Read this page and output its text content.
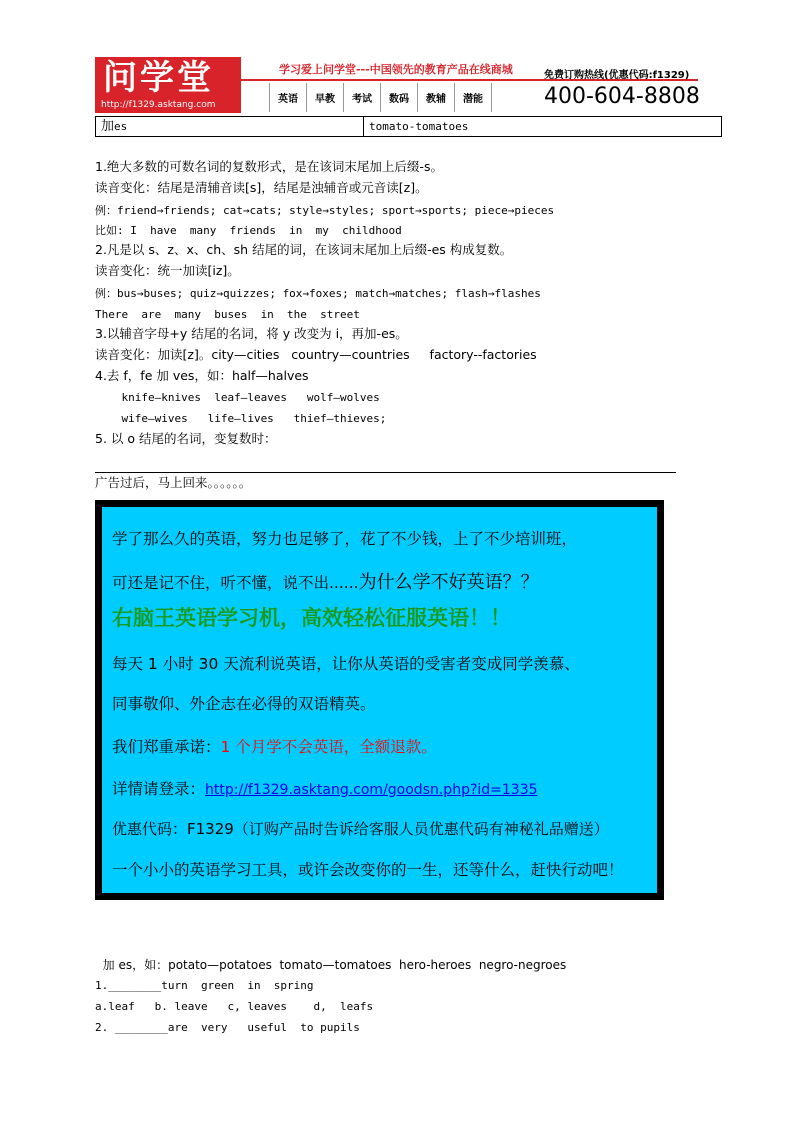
问学堂
http://f1329.asktang.com
学习爱上问学堂---中国领先的教育产品在线商城	免费订购热线(优惠代码:f1329)
400-604-8808
英语	早教	考试	数码	教辅	潜能
加es	tomato-tomatoes
1.绝大多数的可数名词的复数形式，是在该词末尾加上后缀-s。
读音变化：结尾是清辅音读[s]，结尾是浊辅音或元音读[z]。
例：friend→friends; cat→cats; style→styles; sport→sports; piece→pieces
比如: I  have  many  friends  in  my  childhood
2.凡是以 s、z、x、ch、sh 结尾的词，在该词末尾加上后缀-es 构成复数。
读音变化：统一加读[iz]。
例：bus→buses; quiz→quizzes; fox→foxes; match→matches; flash→flashes
There  are  many  buses  in  the  street
3.以辅音字母+y 结尾的名词，将 y 改变为 i，再加-es。
读音变化：加读[z]。city—cities   country—countries     factory--factories
4.去 f，fe 加 ves，如：half—halves
knife—knives  leaf—leaves   wolf—wolves
wife—wives   life—lives   thief—thieves;
5. 以 o 结尾的名词，变复数时：
广告过后，马上回来。。。。。。
学了那么久的英语，努力也足够了，花了不少钱，上了不少培训班，
可还是记不住，听不懂，说不出......为什么学不好英语？？
右脑王英语学习机，高效轻松征服英语！！
每天 1 小时 30 天流利说英语，让你从英语的受害者变成同学羡慕、
同事敬仰、外企志在必得的双语精英。
我们郑重承诺：1 个月学不会英语，全额退款。
详情请登录：http://f1329.asktang.com/goodsn.php?id=1335
优惠代码：F1329（订购产品时告诉给客服人员优惠代码有神秘礼品赠送）
一个小小的英语学习工具，或许会改变你的一生，还等什么，赶快行动吧！
加 es，如：potato—potatoes  tomato—tomatoes  hero-heroes  negro-negroes
1.________turn  green  in  spring
a.leaf   b. leave   c, leaves    d,  leafs
2. ________are  very   useful  to pupils
